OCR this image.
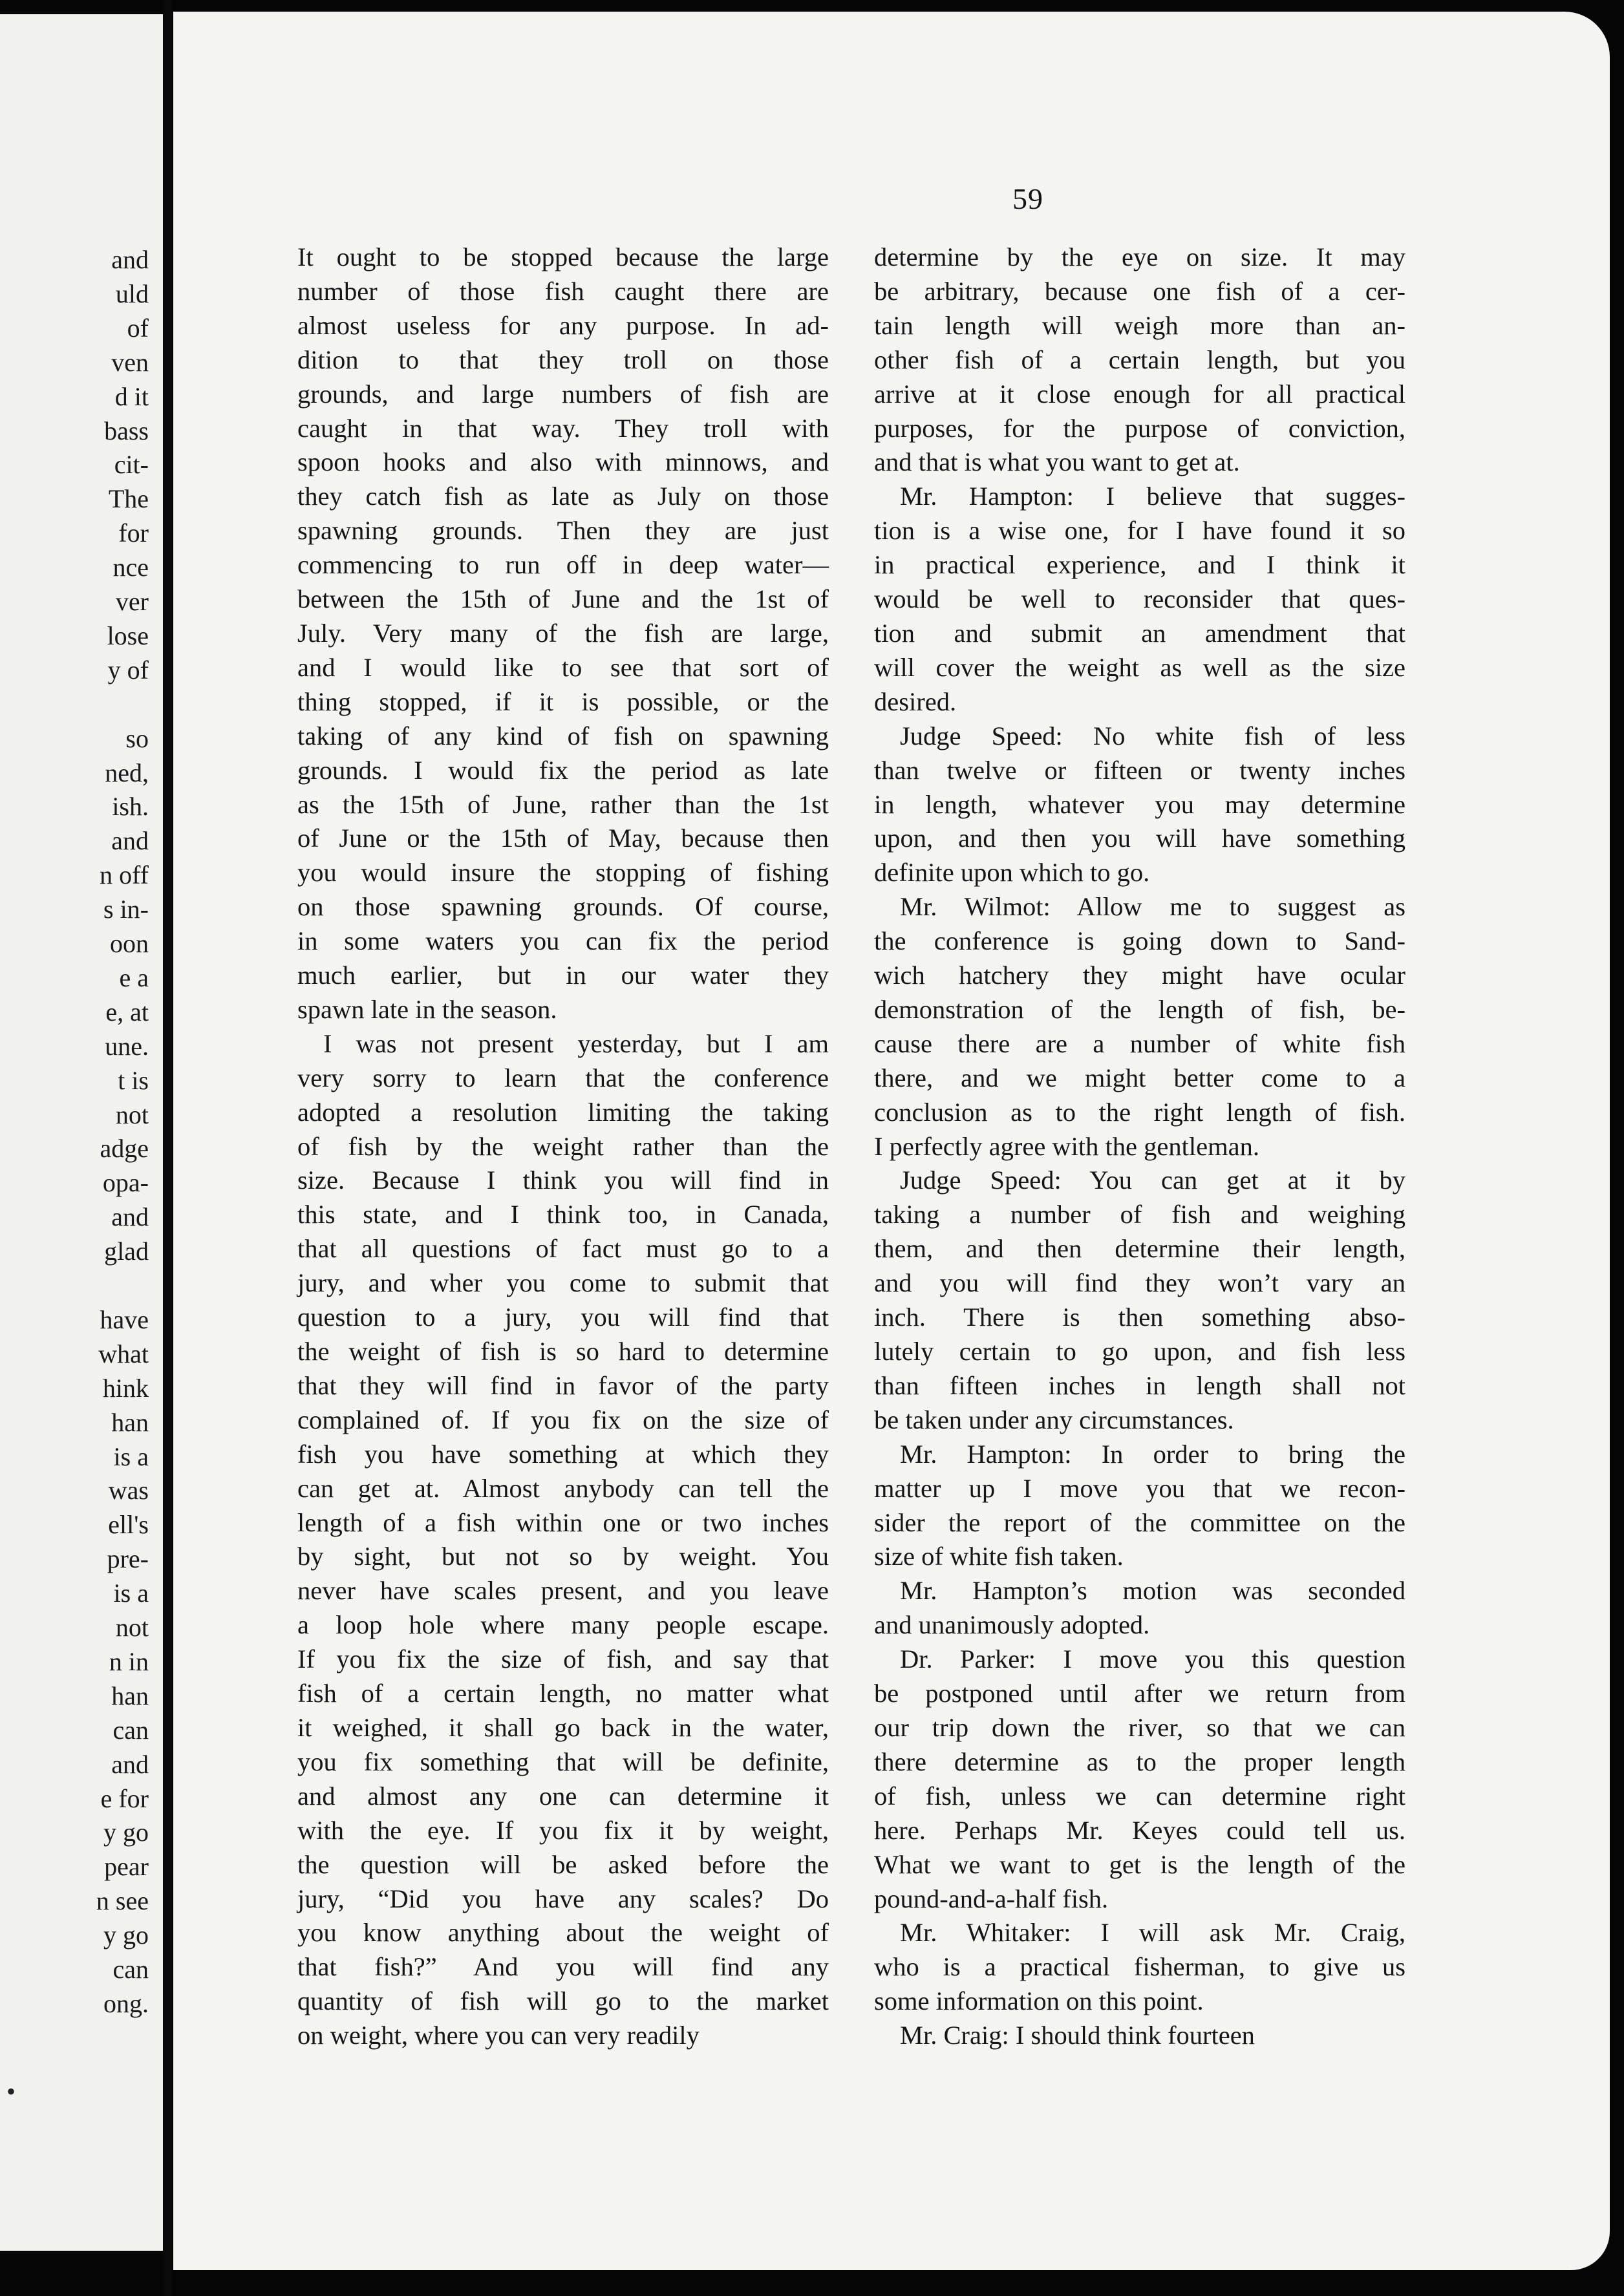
and
uld
of
ven
d it
bass
cit-
The
for
nce
ver
lose
y of
so
ned,
ish.
and
n off
s in-
oon
e a
e, at
une.
t is
not
adge
opa-
and
glad
have
what
hink
han
is a
was
ell's
pre-
is a
not
n in
han
can
and
e for
y go
pear
n see
y go
can
ong.
•
59
It ought to be stopped because the large
number of those fish caught there are
almost useless for any purpose. In ad-
dition to that they troll on those
grounds, and large numbers of fish are
caught in that way. They troll with
spoon hooks and also with minnows, and
they catch fish as late as July on those
spawning grounds. Then they are just
commencing to run off in deep water—
between the 15th of June and the 1st of
July. Very many of the fish are large,
and I would like to see that sort of
thing stopped, if it is possible, or the
taking of any kind of fish on spawning
grounds. I would fix the period as late
as the 15th of June, rather than the 1st
of June or the 15th of May, because then
you would insure the stopping of fishing
on those spawning grounds. Of course,
in some waters you can fix the period
much earlier, but in our water they
spawn late in the season.
I was not present yesterday, but I am
very sorry to learn that the conference
adopted a resolution limiting the taking
of fish by the weight rather than the
size. Because I think you will find in
this state, and I think too, in Canada,
that all questions of fact must go to a
jury, and wher you come to submit that
question to a jury, you will find that
the weight of fish is so hard to determine
that they will find in favor of the party
complained of. If you fix on the size of
fish you have something at which they
can get at. Almost anybody can tell the
length of a fish within one or two inches
by sight, but not so by weight. You
never have scales present, and you leave
a loop hole where many people escape.
If you fix the size of fish, and say that
fish of a certain length, no matter what
it weighed, it shall go back in the water,
you fix something that will be definite,
and almost any one can determine it
with the eye. If you fix it by weight,
the question will be asked before the
jury, “Did you have any scales? Do
you know anything about the weight of
that fish?” And you will find any
quantity of fish will go to the market
on weight, where you can very readily
determine by the eye on size. It may
be arbitrary, because one fish of a cer-
tain length will weigh more than an-
other fish of a certain length, but you
arrive at it close enough for all practical
purposes, for the purpose of conviction,
and that is what you want to get at.
Mr. Hampton: I believe that sugges-
tion is a wise one, for I have found it so
in practical experience, and I think it
would be well to reconsider that ques-
tion and submit an amendment that
will cover the weight as well as the size
desired.
Judge Speed: No white fish of less
than twelve or fifteen or twenty inches
in length, whatever you may determine
upon, and then you will have something
definite upon which to go.
Mr. Wilmot: Allow me to suggest as
the conference is going down to Sand-
wich hatchery they might have ocular
demonstration of the length of fish, be-
cause there are a number of white fish
there, and we might better come to a
conclusion as to the right length of fish.
I perfectly agree with the gentleman.
Judge Speed: You can get at it by
taking a number of fish and weighing
them, and then determine their length,
and you will find they won’t vary an
inch. There is then something abso-
lutely certain to go upon, and fish less
than fifteen inches in length shall not
be taken under any circumstances.
Mr. Hampton: In order to bring the
matter up I move you that we recon-
sider the report of the committee on the
size of white fish taken.
Mr. Hampton’s motion was seconded
and unanimously adopted.
Dr. Parker: I move you this question
be postponed until after we return from
our trip down the river, so that we can
there determine as to the proper length
of fish, unless we can determine right
here. Perhaps Mr. Keyes could tell us.
What we want to get is the length of the
pound-and-a-half fish.
Mr. Whitaker: I will ask Mr. Craig,
who is a practical fisherman, to give us
some information on this point.
Mr. Craig: I should think fourteen
